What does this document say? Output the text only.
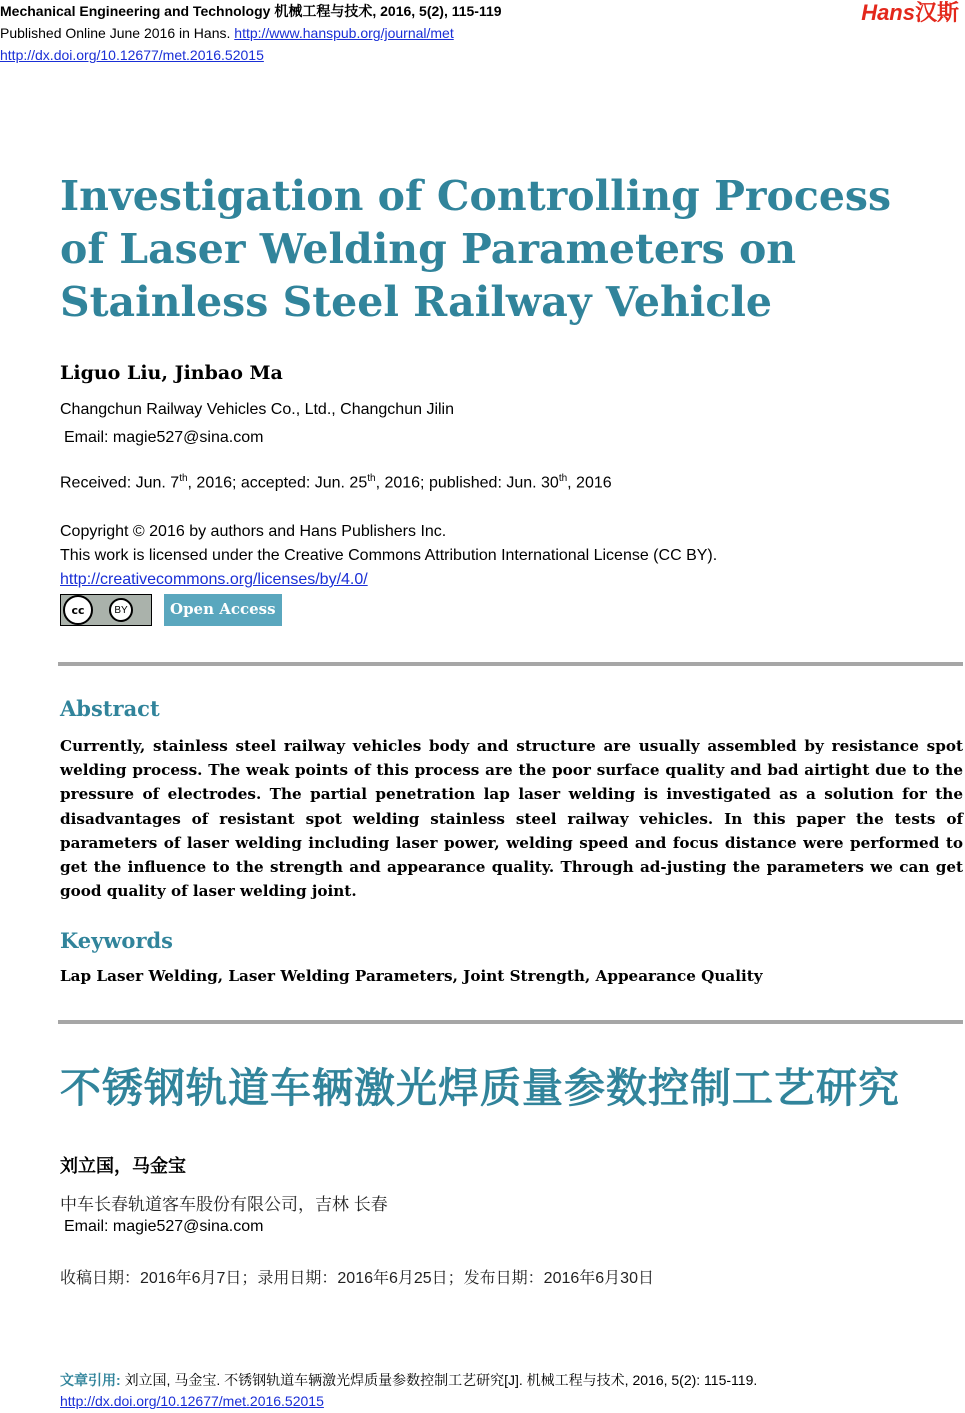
Mechanical Engineering and Technology 机械工程与技术, 2016, 5(2), 115-119
Published Online June 2016 in Hans. http://www.hanspub.org/journal/met
http://dx.doi.org/10.12677/met.2016.52015
Hans汉斯
Investigation of Controlling Process of Laser Welding Parameters on Stainless Steel Railway Vehicle
Liguo Liu, Jinbao Ma
Changchun Railway Vehicles Co., Ltd., Changchun Jilin
Email: magie527@sina.com
Received: Jun. 7th, 2016; accepted: Jun. 25th, 2016; published: Jun. 30th, 2016
Copyright © 2016 by authors and Hans Publishers Inc.
This work is licensed under the Creative Commons Attribution International License (CC BY).
http://creativecommons.org/licenses/by/4.0/
cc	BY	Open Access
Abstract

Currently, stainless steel railway vehicles body and structure are usually assembled by resistance spot welding process. The weak points of this process are the poor surface quality and bad airtight due to the pressure of electrodes. The partial penetration lap laser welding is investigated as a solution for the disadvantages of resistant spot welding stainless steel railway vehicles. In this paper the tests of parameters of laser welding including laser power, welding speed and focus distance were performed to get the influence to the strength and appearance quality. Through ad-justing the parameters we can get good quality of laser welding joint.

Keywords
Lap Laser Welding, Laser Welding Parameters, Joint Strength, Appearance Quality
不锈钢轨道车辆激光焊质量参数控制工艺研究
刘立国，马金宝
中车长春轨道客车股份有限公司，吉林 长春
Email: magie527@sina.com
收稿日期：2016年6月7日；录用日期：2016年6月25日；发布日期：2016年6月30日
文章引用: 刘立国, 马金宝. 不锈钢轨道车辆激光焊质量参数控制工艺研究[J]. 机械工程与技术, 2016, 5(2): 115-119.
http://dx.doi.org/10.12677/met.2016.52015
